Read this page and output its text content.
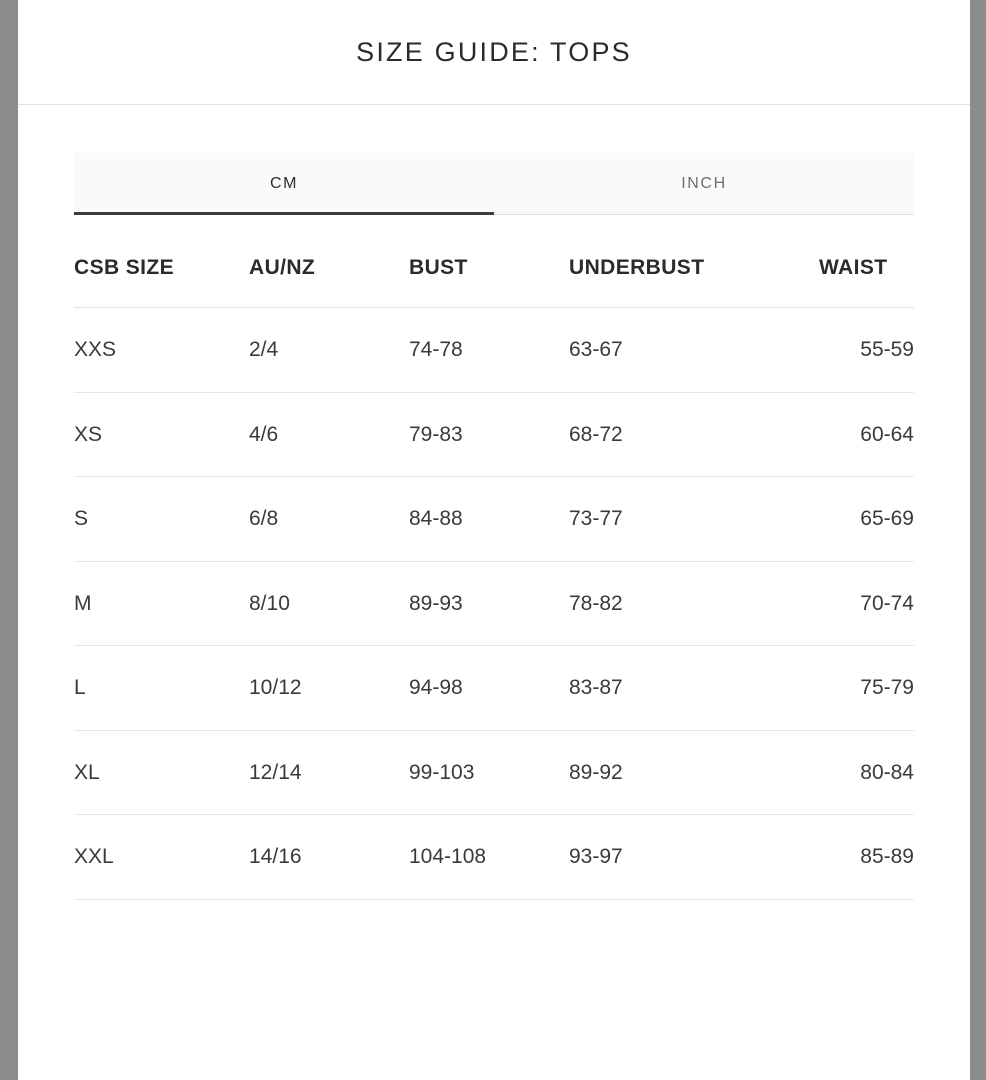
SIZE GUIDE: TOPS
CM	INCH
CSB SIZE	AU/NZ	BUST	UNDERBUST	WAIST
XXS	2/4	74-78	63-67	55-59
XS	4/6	79-83	68-72	60-64
S	6/8	84-88	73-77	65-69
M	8/10	89-93	78-82	70-74
L	10/12	94-98	83-87	75-79
XL	12/14	99-103	89-92	80-84
XXL	14/16	104-108	93-97	85-89
